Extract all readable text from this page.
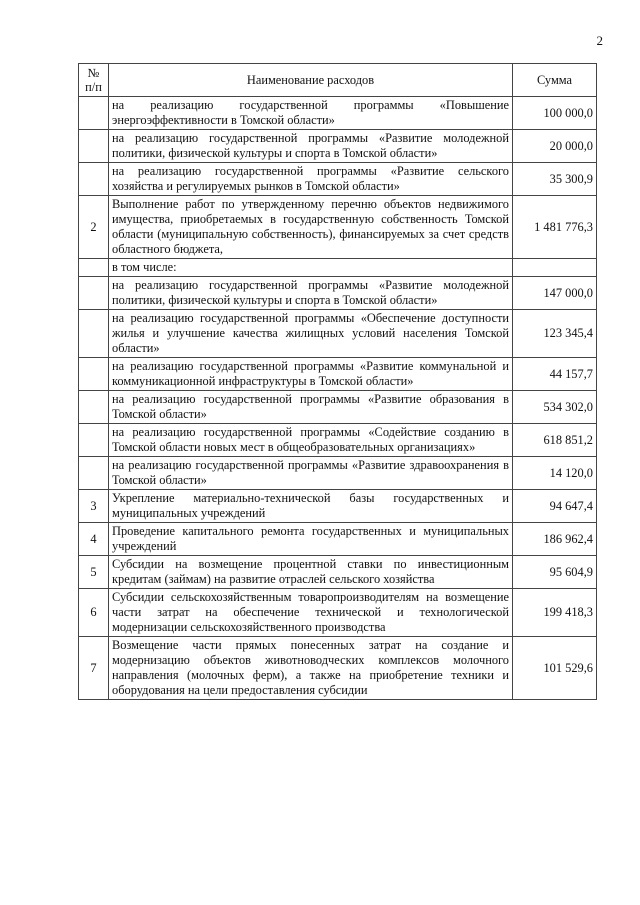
2
№ п/п	Наименование расходов	Сумма
	на реализацию государственной программы «Повышение энергоэффективности в Томской области»	100 000,0
	на реализацию государственной программы «Развитие молодежной политики, физической культуры и спорта в Томской области»	20 000,0
	на реализацию государственной программы «Развитие сельского хозяйства и регулируемых рынков в Томской области»	35 300,9
2	Выполнение работ по утвержденному перечню объектов недвижимого имущества, приобретаемых в государственную собственность Томской области (муниципальную собственность), финансируемых за счет средств областного бюджета,	1 481 776,3
	в том числе:	
	на реализацию государственной программы «Развитие молодежной политики, физической культуры и спорта в Томской области»	147 000,0
	на реализацию государственной программы «Обеспечение доступности жилья и улучшение качества жилищных условий населения Томской области»	123 345,4
	на реализацию государственной программы «Развитие коммунальной и коммуникационной инфраструктуры в Томской области»	44 157,7
	на реализацию государственной программы «Развитие образования в Томской области»	534 302,0
	на реализацию государственной программы «Содействие созданию в Томской области новых мест в общеобразовательных организациях»	618 851,2
	на реализацию государственной программы «Развитие здравоохранения в Томской области»	14 120,0
3	Укрепление материально-технической базы государственных и муниципальных учреждений	94 647,4
4	Проведение капитального ремонта государственных и муниципальных учреждений	186 962,4
5	Субсидии на возмещение процентной ставки по инвестиционным кредитам (займам) на развитие отраслей сельского хозяйства	95 604,9
6	Субсидии сельскохозяйственным товаропроизводителям на возмещение части затрат на обеспечение технической и технологической модернизации сельскохозяйственного производства	199 418,3
7	Возмещение части прямых понесенных затрат на создание и модернизацию объектов животноводческих комплексов молочного направления (молочных ферм), а также на приобретение техники и оборудования на цели предоставления субсидии	101 529,6
